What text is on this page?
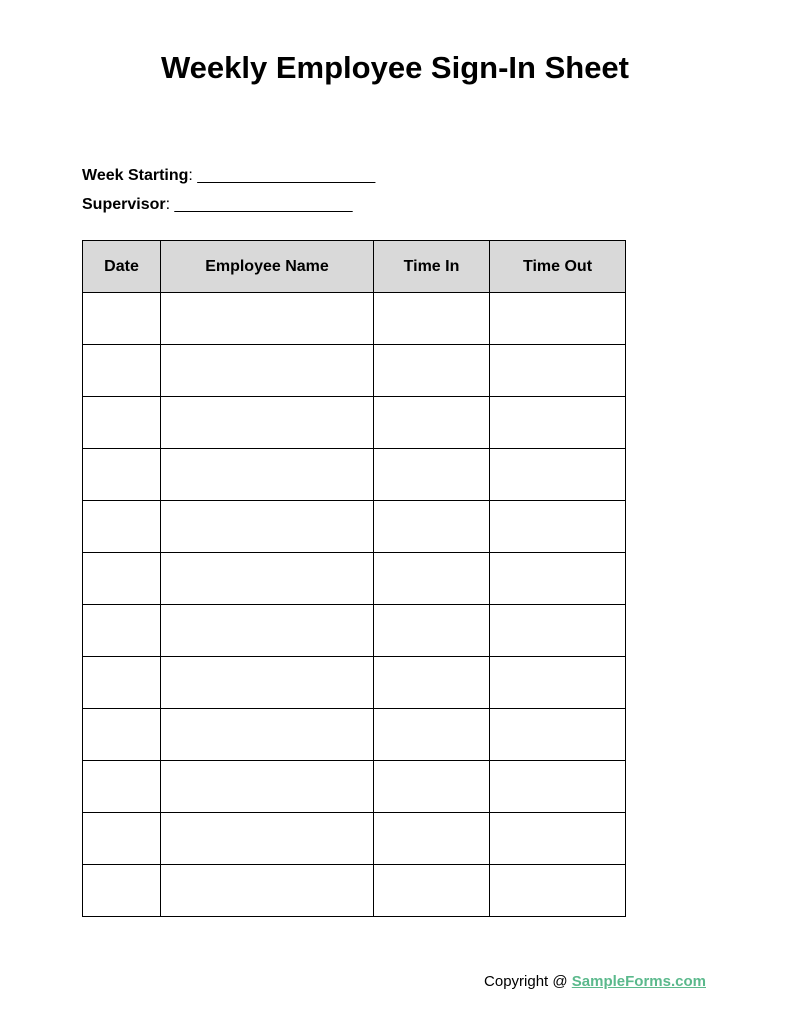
Weekly Employee Sign-In Sheet
Week Starting: ____________________
Supervisor: ____________________
Date	Employee Name	Time In	Time Out

Copyright @ SampleForms.com
